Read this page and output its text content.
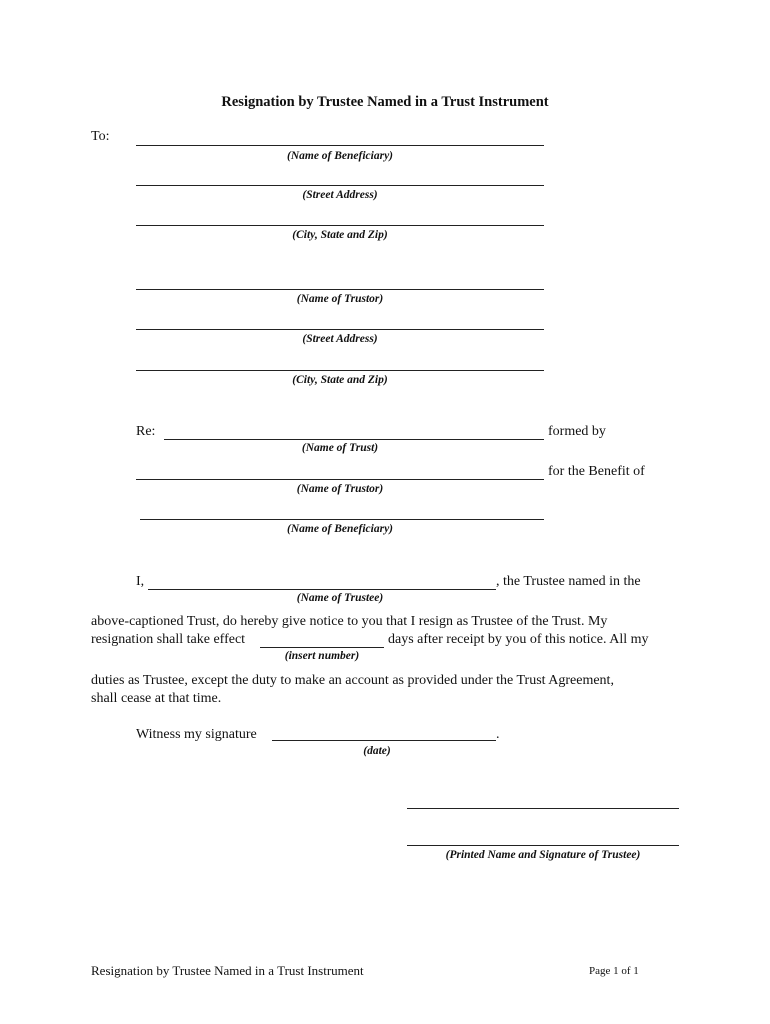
Resignation by Trustee Named in a Trust Instrument
To:
(Name of Beneficiary)
(Street Address)
(City, State and Zip)
(Name of Trustor)
(Street Address)
(City, State and Zip)
Re:	formed by
(Name of Trust)
for the Benefit of
(Name of Trustor)
(Name of Beneficiary)
I,	, the Trustee named in the
(Name of Trustee)
above-captioned Trust, do hereby give notice to you that I resign as Trustee of the Trust. My
resignation shall take effect	days after receipt by you of this notice. All my
(insert number)
duties as Trustee, except the duty to make an account as provided under the Trust Agreement,
shall cease at that time.
Witness my signature	.
(date)
(Printed Name and Signature of Trustee)
Resignation by Trustee Named in a Trust Instrument	Page 1 of 1
